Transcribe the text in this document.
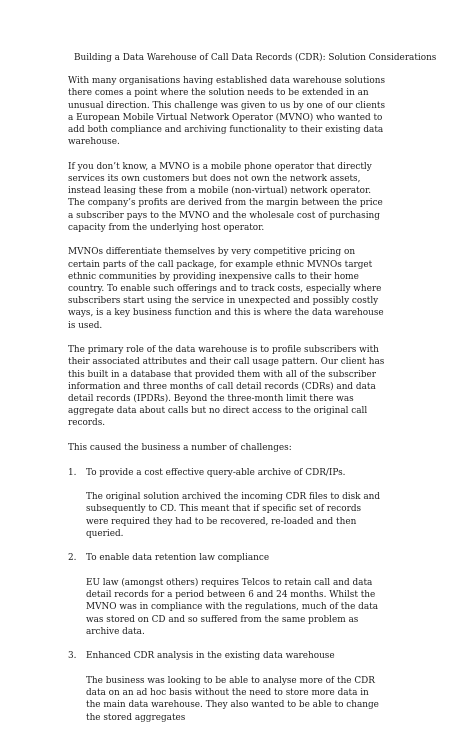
Building a Data Warehouse of Call Data Records (CDR): Solution Considerations

With many organisations having established data warehouse solutions there comes a point where the solution needs to be extended in an unusual direction. This challenge was given to us by one of our clients a European Mobile Virtual Network Operator (MVNO) who wanted to add both compliance and archiving functionality to their existing data warehouse.

If you don’t know, a MVNO is a mobile phone operator that directly services its own customers but does not own the network assets, instead leasing these from a mobile (non-virtual) network operator. The company’s profits are derived from the margin between the price a subscriber pays to the MVNO and the wholesale cost of purchasing capacity from the underlying host operator.

MVNOs differentiate themselves by very competitive pricing on certain parts of the call package, for example ethnic MVNOs target ethnic communities by providing inexpensive calls to their home country. To enable such offerings and to track costs, especially where subscribers start using the service in unexpected and possibly costly ways, is a key business function and this is where the data warehouse is used.

The primary role of the data warehouse is to profile subscribers with their associated attributes and their call usage pattern. Our client has this built in a database that provided them with all of the subscriber information and three months of call detail records (CDRs) and data detail records (IPDRs). Beyond the three-month limit there was aggregate data about calls but no direct access to the original call records.

This caused the business a number of challenges:

1. To provide a cost effective query-able archive of CDR/IPs.

The original solution archived the incoming CDR files to disk and subsequently to CD. This meant that if specific set of records were required they had to be recovered, re-loaded and then queried.

2. To enable data retention law compliance

EU law (amongst others) requires Telcos to retain call and data detail records for a period between 6 and 24 months. Whilst the MVNO was in compliance with the regulations, much of the data was stored on CD and so suffered from the same problem as archive data.

3. Enhanced CDR analysis in the existing data warehouse

The business was looking to be able to analyse more of the CDR data on an ad hoc basis without the need to store more data in the main data warehouse. They also wanted to be able to change the stored aggregates
